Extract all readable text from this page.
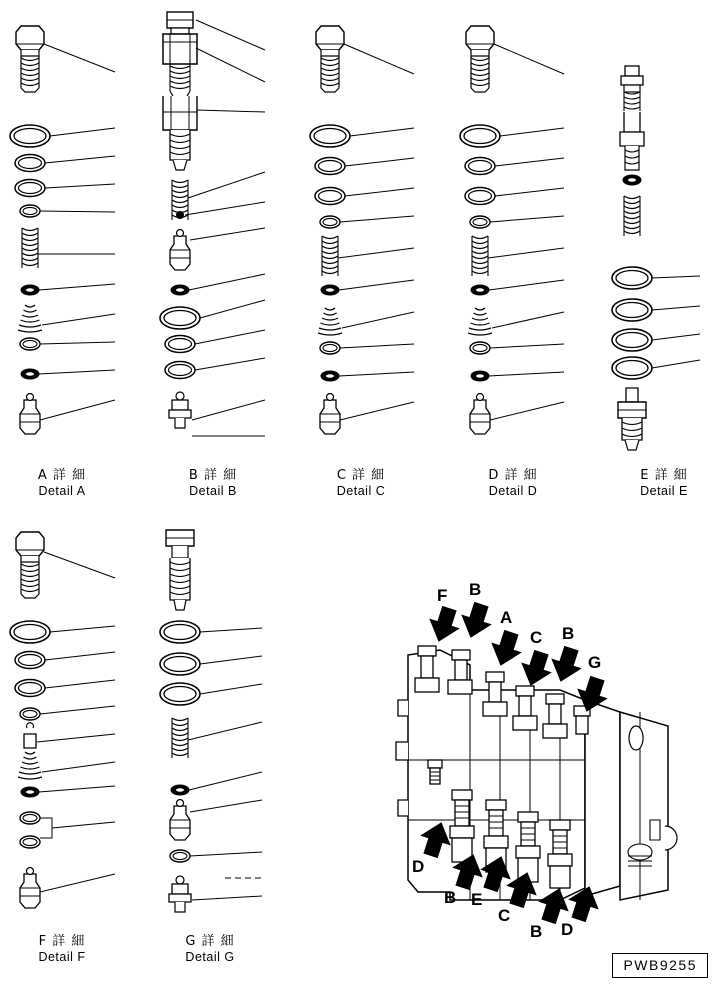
A 詳 細
Detail A
B 詳 細
Detail B
C 詳 細
Detail C
D 詳 細
Detail D
E 詳 細
Detail E
F 詳 細
Detail F
G 詳 細
Detail G
F B
A
C B
G
D
B E
C
B D
PWB9255
